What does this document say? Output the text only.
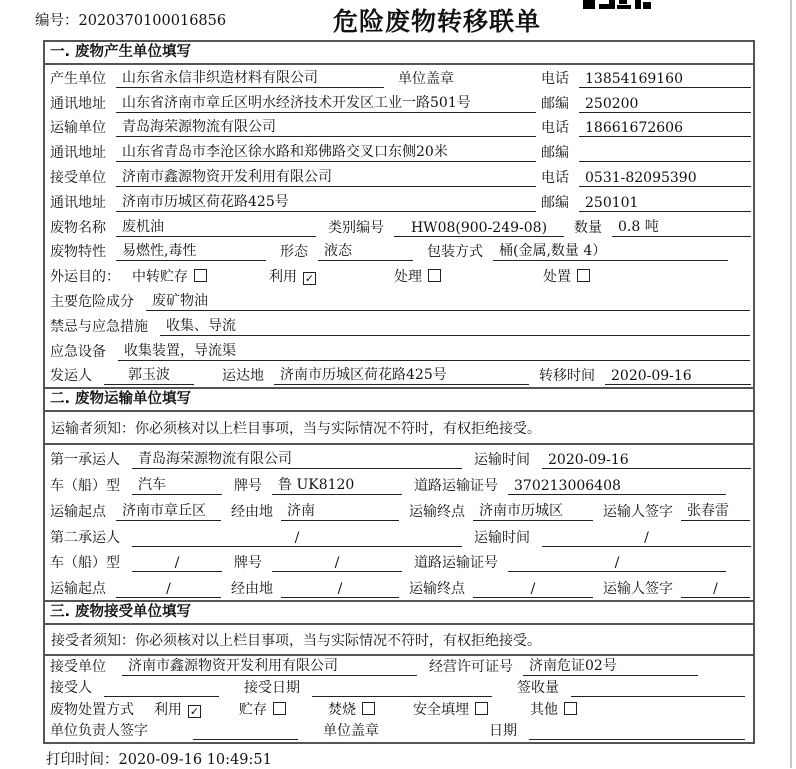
编号：2020370100016856	危险废物转移联单
一. 废物产生单位填写
产生单位	山东省永信非织造材料有限公司	单位盖章	电话	13854169160
通讯地址	山东省济南市章丘区明水经济技术开发区工业一路501号	邮编	250200
运输单位	青岛海荣源物流有限公司	电话	18661672606
通讯地址	山东省青岛市李沧区徐水路和郑佛路交叉口东侧20米	邮编
接受单位	济南市鑫源物资开发利用有限公司	电话	0531-82095390
通讯地址	济南市历城区荷花路425号	邮编	250101
废物名称	废机油	类别编号	HW08(900-249-08)	数量	0.8 吨
废物特性	易燃性,毒性	形态	液态	包装方式	桶(金属,数量 4）
外运目的： 中转贮存	利用 ✓	处理	处置
主要危险成分	废矿物油
禁忌与应急措施	收集、导流
应急设备	收集装置，导流渠
发运人	郭玉波	运达地	济南市历城区荷花路425号	转移时间	2020-09-16
二. 废物运输单位填写
运输者须知：你必须核对以上栏目事项，当与实际情况不符时，有权拒绝接受。
第一承运人	青岛海荣源物流有限公司	运输时间	2020-09-16
车（船）型	汽车	牌号	鲁 UK8120	道路运输证号	370213006408
运输起点	济南市章丘区	经由地	济南	运输终点	济南市历城区	运输人签字	张春雷
第二承运人	/	运输时间	/
车（船）型	/	牌号	/	道路运输证号	/
运输起点	/	经由地	/	运输终点	/	运输人签字	/
三. 废物接受单位填写
接受者须知：你必须核对以上栏目事项，当与实际情况不符时，有权拒绝接受。
接受单位	济南市鑫源物资开发利用有限公司	经营许可证号	济南危证02号
接受人	接受日期	签收量
废物处置方式 利用 ✓	贮存	焚烧	安全填埋	其他
单位负责人签字	单位盖章	日期
打印时间：2020-09-16 10:49:51
